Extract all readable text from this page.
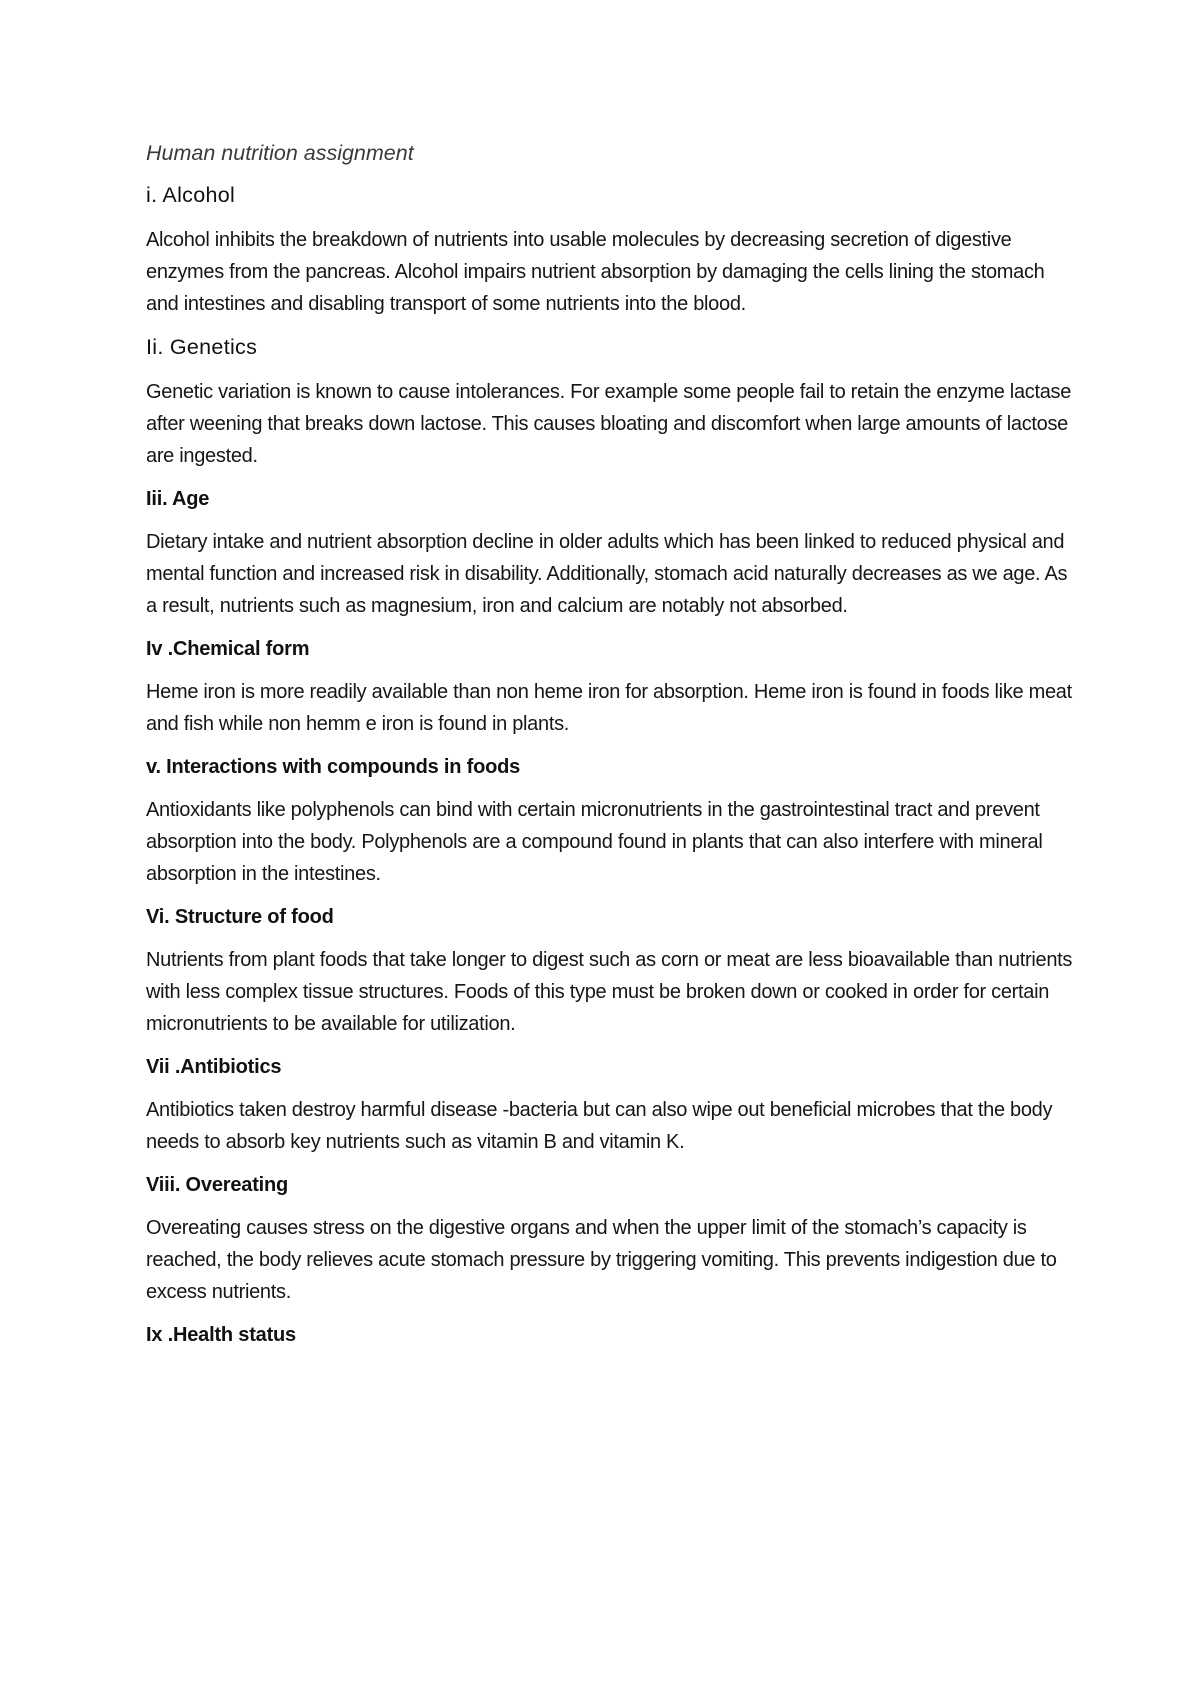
Human nutrition assignment
i. Alcohol

Alcohol inhibits the breakdown of nutrients into usable molecules by decreasing secretion of digestive enzymes from the pancreas. Alcohol impairs nutrient absorption by damaging the cells lining the stomach and intestines and disabling transport of some nutrients into the blood.

Ii. Genetics

Genetic variation is known to cause intolerances. For example some people fail to retain the enzyme lactase after weening that breaks down lactose. This causes bloating and discomfort when large amounts of lactose are ingested.

Iii. Age

Dietary intake and nutrient absorption decline in older adults which has been linked to reduced physical and mental function and increased risk in disability. Additionally, stomach acid naturally decreases as we age. As a result, nutrients such as magnesium, iron and calcium are notably not absorbed.

Iv .Chemical form

Heme iron is more readily available than non heme iron for absorption. Heme iron is found in foods like meat and fish while non hemm e iron is found in plants.

v. Interactions with compounds in foods

Antioxidants like polyphenols can bind with certain micronutrients in the gastrointestinal tract and prevent absorption into the body. Polyphenols are a compound found in plants that can also interfere with mineral absorption in the intestines.

Vi. Structure of food

Nutrients from plant foods that take longer to digest such as corn or meat are less bioavailable than nutrients with less complex tissue structures. Foods of this type must be broken down or cooked in order for certain micronutrients to be available for utilization.

Vii .Antibiotics

Antibiotics taken destroy harmful disease -bacteria but can also wipe out beneficial microbes that the body needs to absorb key nutrients such as vitamin B and vitamin K.

Viii. Overeating

Overeating causes stress on the digestive organs and when the upper limit of the stomach’s capacity is reached, the body relieves acute stomach pressure by triggering vomiting. This prevents indigestion due to excess nutrients.

Ix .Health status
